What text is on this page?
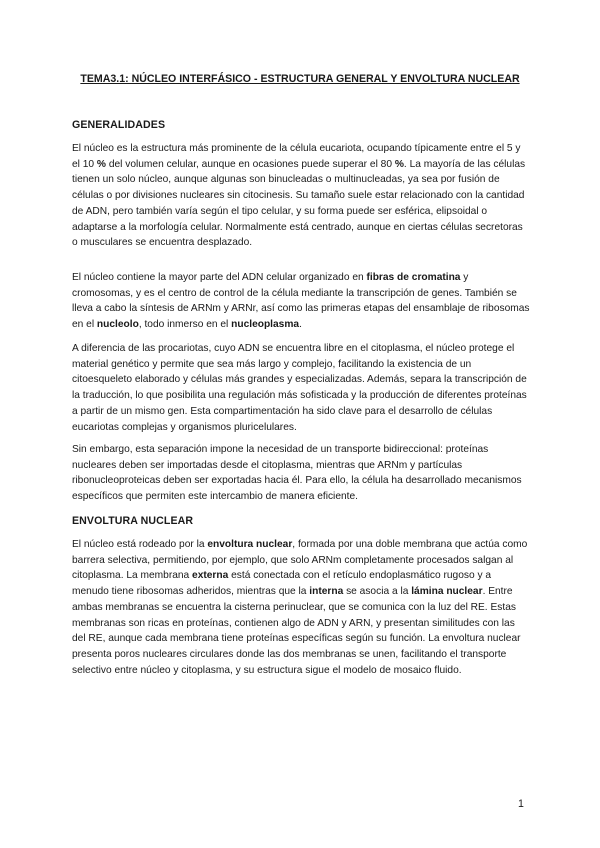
TEMA3.1: NÚCLEO INTERFÁSICO - ESTRUCTURA GENERAL Y ENVOLTURA NUCLEAR
GENERALIDADES

El núcleo es la estructura más prominente de la célula eucariota, ocupando típicamente entre el 5 y el 10 % del volumen celular, aunque en ocasiones puede superar el 80 %. La mayoría de las células tienen un solo núcleo, aunque algunas son binucleadas o multinucleadas, ya sea por fusión de células o por divisiones nucleares sin citocinesis. Su tamaño suele estar relacionado con la cantidad de ADN, pero también varía según el tipo celular, y su forma puede ser esférica, elipsoidal o adaptarse a la morfología celular. Normalmente está centrado, aunque en ciertas células secretoras o musculares se encuentra desplazado.

El núcleo contiene la mayor parte del ADN celular organizado en fibras de cromatina y cromosomas, y es el centro de control de la célula mediante la transcripción de genes. También se lleva a cabo la síntesis de ARNm y ARNr, así como las primeras etapas del ensamblaje de ribosomas en el nucleolo, todo inmerso en el nucleoplasma.

A diferencia de las procariotas, cuyo ADN se encuentra libre en el citoplasma, el núcleo protege el material genético y permite que sea más largo y complejo, facilitando la existencia de un citoesqueleto elaborado y células más grandes y especializadas. Además, separa la transcripción de la traducción, lo que posibilita una regulación más sofisticada y la producción de diferentes proteínas a partir de un mismo gen. Esta compartimentación ha sido clave para el desarrollo de células eucariotas complejas y organismos pluricelulares.

Sin embargo, esta separación impone la necesidad de un transporte bidireccional: proteínas nucleares deben ser importadas desde el citoplasma, mientras que ARNm y partículas ribonucleoproteicas deben ser exportadas hacia él. Para ello, la célula ha desarrollado mecanismos específicos que permiten este intercambio de manera eficiente.

ENVOLTURA NUCLEAR

El núcleo está rodeado por la envoltura nuclear, formada por una doble membrana que actúa como barrera selectiva, permitiendo, por ejemplo, que solo ARNm completamente procesados salgan al citoplasma. La membrana externa está conectada con el retículo endoplasmático rugoso y a menudo tiene ribosomas adheridos, mientras que la interna se asocia a la lámina nuclear. Entre ambas membranas se encuentra la cisterna perinuclear, que se comunica con la luz del RE. Estas membranas son ricas en proteínas, contienen algo de ADN y ARN, y presentan similitudes con las del RE, aunque cada membrana tiene proteínas específicas según su función. La envoltura nuclear presenta poros nucleares circulares donde las dos membranas se unen, facilitando el transporte selectivo entre núcleo y citoplasma, y su estructura sigue el modelo de mosaico fluido.

1
